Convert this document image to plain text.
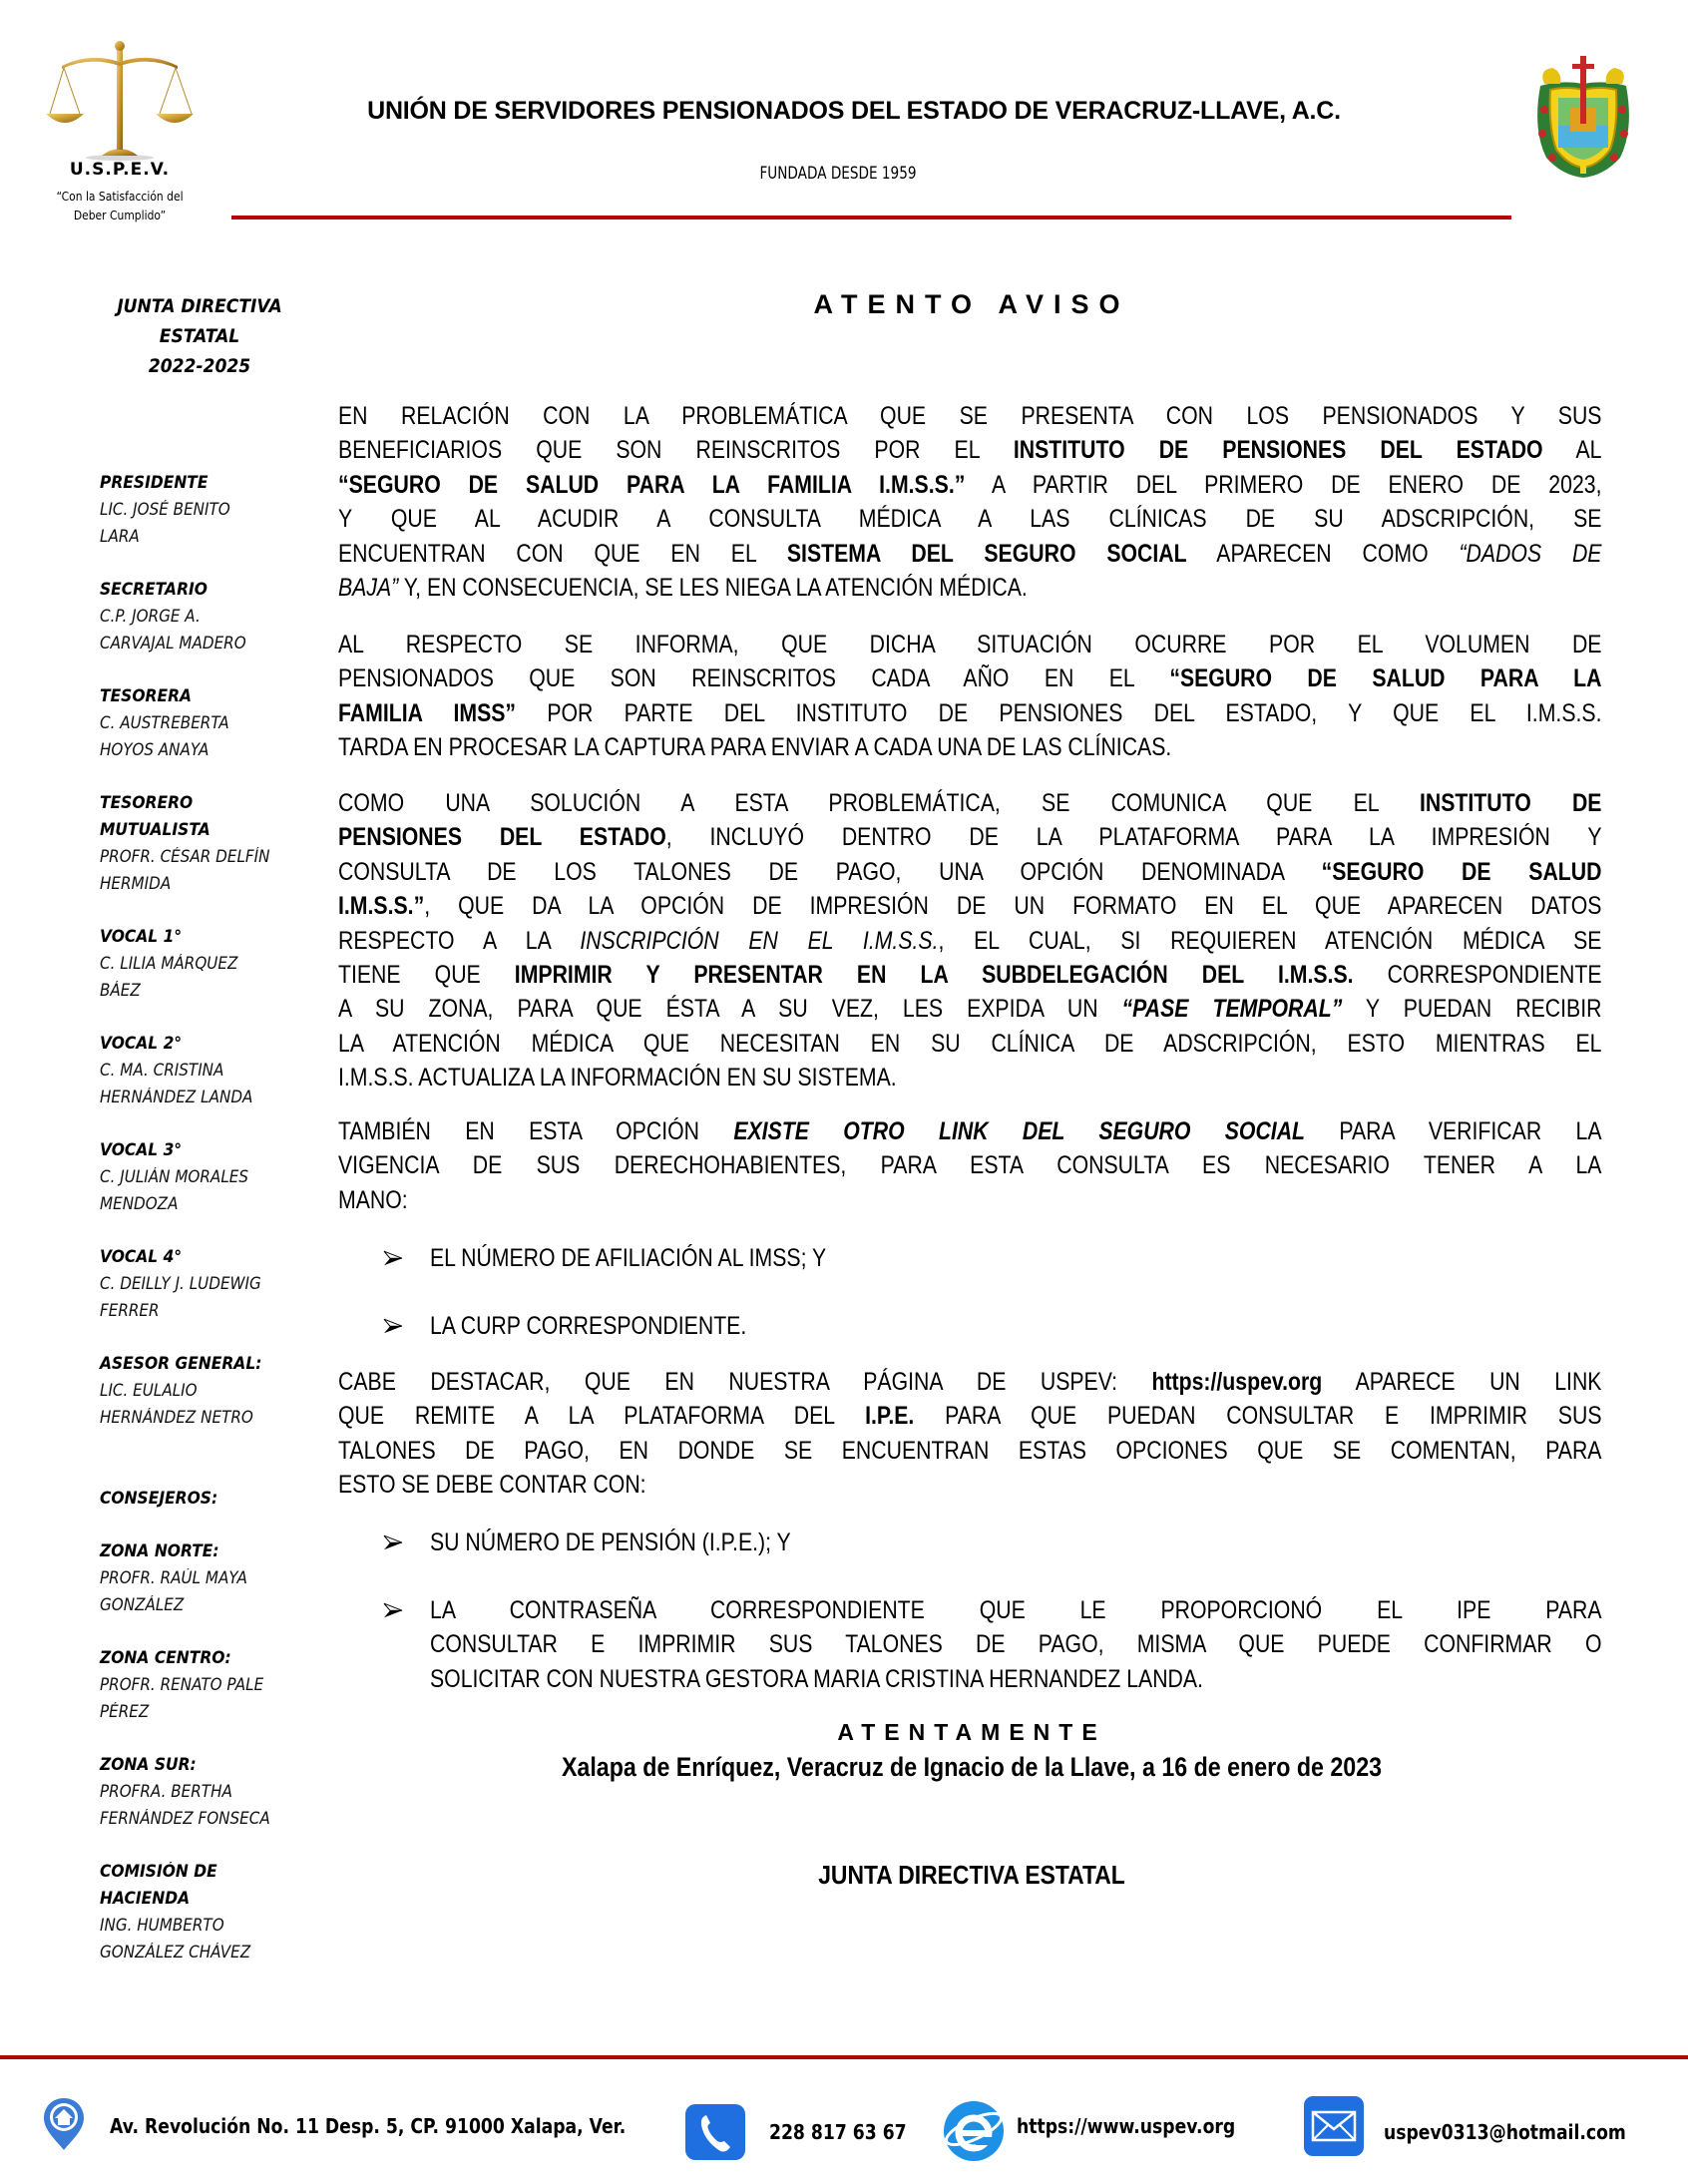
U.S.P.E.V.
“Con la Satisfacción del
Deber Cumplido”
UNIÓN DE SERVIDORES PENSIONADOS DEL ESTADO DE VERACRUZ-LLAVE, A.C.
FUNDADA DESDE 1959
JUNTA DIRECTIVA
ESTATAL
2022-2025
PRESIDENTE
LIC. JOSÉ BENITO
LARA
SECRETARIO
C.P. JORGE A.
CARVAJAL MADERO
TESORERA
C. AUSTREBERTA
HOYOS ANAYA
TESORERO
MUTUALISTA
PROFR. CÉSAR DELFÍN
HERMIDA
VOCAL 1°
C. LILIA MÁRQUEZ
BÁEZ
VOCAL 2°
C. MA. CRISTINA
HERNÁNDEZ LANDA
VOCAL 3°
C. JULIÁN MORALES
MENDOZA
VOCAL 4°
C. DEILLY J. LUDEWIG
FERRER
ASESOR GENERAL:
LIC. EULALIO
HERNÁNDEZ NETRO
CONSEJEROS:
ZONA NORTE:
PROFR. RAÚL MAYA
GONZÁLEZ
ZONA CENTRO:
PROFR. RENATO PALE
PÉREZ
ZONA SUR:
PROFRA. BERTHA
FERNÁNDEZ FONSECA
COMISIÓN DE
HACIENDA
ING. HUMBERTO
GONZÁLEZ CHÁVEZ
ATENTO AVISO
EN RELACIÓN CON LA PROBLEMÁTICA QUE SE PRESENTA CON LOS PENSIONADOS Y SUS
BENEFICIARIOS QUE SON REINSCRITOS POR EL INSTITUTO DE PENSIONES DEL ESTADO AL
“SEGURO DE SALUD PARA LA FAMILIA I.M.S.S.” A PARTIR DEL PRIMERO DE ENERO DE 2023,
Y QUE AL ACUDIR A CONSULTA MÉDICA A LAS CLÍNICAS DE SU ADSCRIPCIÓN, SE
ENCUENTRAN CON QUE EN EL SISTEMA DEL SEGURO SOCIAL APARECEN COMO “DADOS DE
BAJA” Y, EN CONSECUENCIA, SE LES NIEGA LA ATENCIÓN MÉDICA.
AL RESPECTO SE INFORMA, QUE DICHA SITUACIÓN OCURRE POR EL VOLUMEN DE
PENSIONADOS QUE SON REINSCRITOS CADA AÑO EN EL “SEGURO DE SALUD PARA LA
FAMILIA IMSS” POR PARTE DEL INSTITUTO DE PENSIONES DEL ESTADO, Y QUE EL I.M.S.S.
TARDA EN PROCESAR LA CAPTURA PARA ENVIAR A CADA UNA DE LAS CLÍNICAS.
COMO UNA SOLUCIÓN A ESTA PROBLEMÁTICA, SE COMUNICA QUE EL INSTITUTO DE
PENSIONES DEL ESTADO, INCLUYÓ DENTRO DE LA PLATAFORMA PARA LA IMPRESIÓN Y
CONSULTA DE LOS TALONES DE PAGO, UNA OPCIÓN DENOMINADA “SEGURO DE SALUD
I.M.S.S.”, QUE DA LA OPCIÓN DE IMPRESIÓN DE UN FORMATO EN EL QUE APARECEN DATOS
RESPECTO A LA INSCRIPCIÓN EN EL I.M.S.S., EL CUAL, SI REQUIEREN ATENCIÓN MÉDICA SE
TIENE QUE IMPRIMIR Y PRESENTAR EN LA SUBDELEGACIÓN DEL I.M.S.S. CORRESPONDIENTE
A SU ZONA, PARA QUE ÉSTA A SU VEZ, LES EXPIDA UN “PASE TEMPORAL” Y PUEDAN RECIBIR
LA ATENCIÓN MÉDICA QUE NECESITAN EN SU CLÍNICA DE ADSCRIPCIÓN, ESTO MIENTRAS EL
I.M.S.S. ACTUALIZA LA INFORMACIÓN EN SU SISTEMA.
TAMBIÉN EN ESTA OPCIÓN EXISTE OTRO LINK DEL SEGURO SOCIAL PARA VERIFICAR LA
VIGENCIA DE SUS DERECHOHABIENTES, PARA ESTA CONSULTA ES NECESARIO TENER A LA
MANO:
EL NÚMERO DE AFILIACIÓN AL IMSS; Y
LA CURP CORRESPONDIENTE.
CABE DESTACAR, QUE EN NUESTRA PÁGINA DE USPEV: https://uspev.org APARECE UN LINK
QUE REMITE A LA PLATAFORMA DEL I.P.E. PARA QUE PUEDAN CONSULTAR E IMPRIMIR SUS
TALONES DE PAGO, EN DONDE SE ENCUENTRAN ESTAS OPCIONES QUE SE COMENTAN, PARA
ESTO SE DEBE CONTAR CON:
SU NÚMERO DE PENSIÓN (I.P.E.); Y
LA CONTRASEÑA CORRESPONDIENTE QUE LE PROPORCIONÓ EL IPE PARA
CONSULTAR E IMPRIMIR SUS TALONES DE PAGO, MISMA QUE PUEDE CONFIRMAR O
SOLICITAR CON NUESTRA GESTORA MARIA CRISTINA HERNANDEZ LANDA.
ATENTAMENTE
Xalapa de Enríquez, Veracruz de Ignacio de la Llave, a 16 de enero de 2023
JUNTA DIRECTIVA ESTATAL
Av. Revolución No. 11 Desp. 5, CP. 91000 Xalapa, Ver.	228 817 63 67	https://www.uspev.org	uspev0313@hotmail.com
